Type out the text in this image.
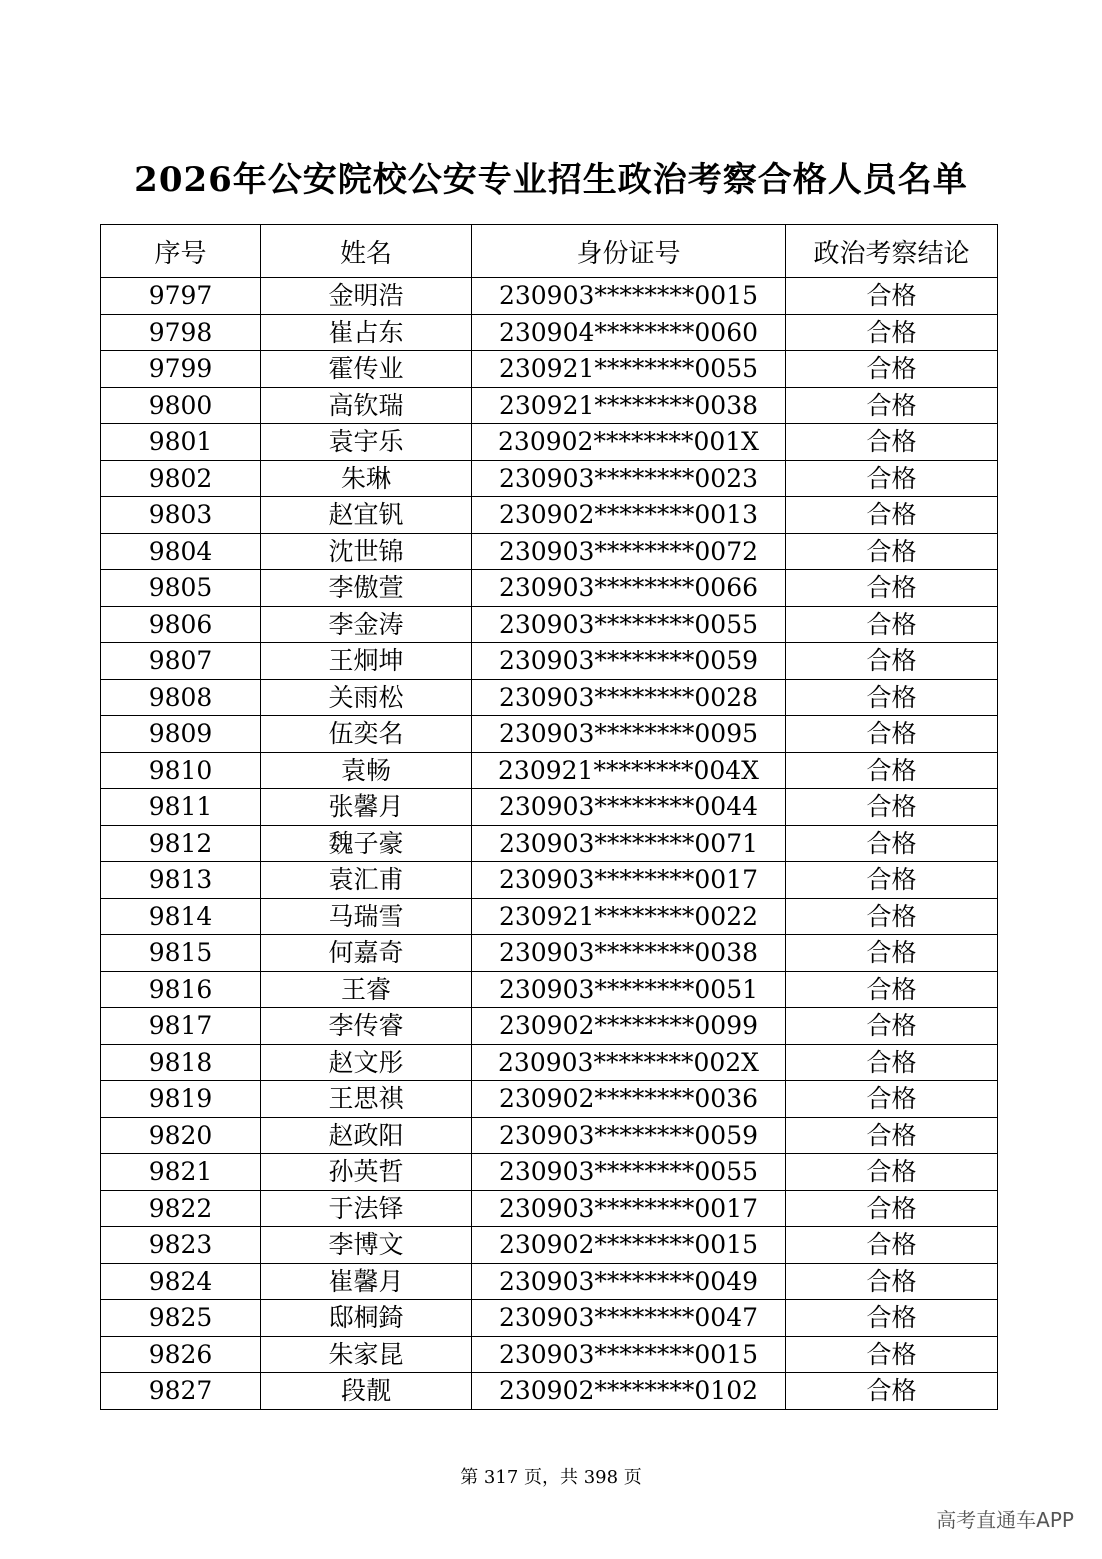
2026年公安院校公安专业招生政治考察合格人员名单
序号	姓名	身份证号	政治考察结论
9797	金明浩	230903********0015	合格
9798	崔占东	230904********0060	合格
9799	霍传业	230921********0055	合格
9800	高钦瑞	230921********0038	合格
9801	袁宇乐	230902********001X	合格
9802	朱琳	230903********0023	合格
9803	赵宜钒	230902********0013	合格
9804	沈世锦	230903********0072	合格
9805	李傲萱	230903********0066	合格
9806	李金涛	230903********0055	合格
9807	王炯坤	230903********0059	合格
9808	关雨松	230903********0028	合格
9809	伍奕名	230903********0095	合格
9810	袁畅	230921********004X	合格
9811	张馨月	230903********0044	合格
9812	魏子豪	230903********0071	合格
9813	袁汇甫	230903********0017	合格
9814	马瑞雪	230921********0022	合格
9815	何嘉奇	230903********0038	合格
9816	王睿	230903********0051	合格
9817	李传睿	230902********0099	合格
9818	赵文彤	230903********002X	合格
9819	王思祺	230902********0036	合格
9820	赵政阳	230903********0059	合格
9821	孙英哲	230903********0055	合格
9822	于法铎	230903********0017	合格
9823	李博文	230902********0015	合格
9824	崔馨月	230903********0049	合格
9825	邸桐錡	230903********0047	合格
9826	朱家昆	230903********0015	合格
9827	段靓	230902********0102	合格
第 317 页，共 398 页
高考直通车APP
